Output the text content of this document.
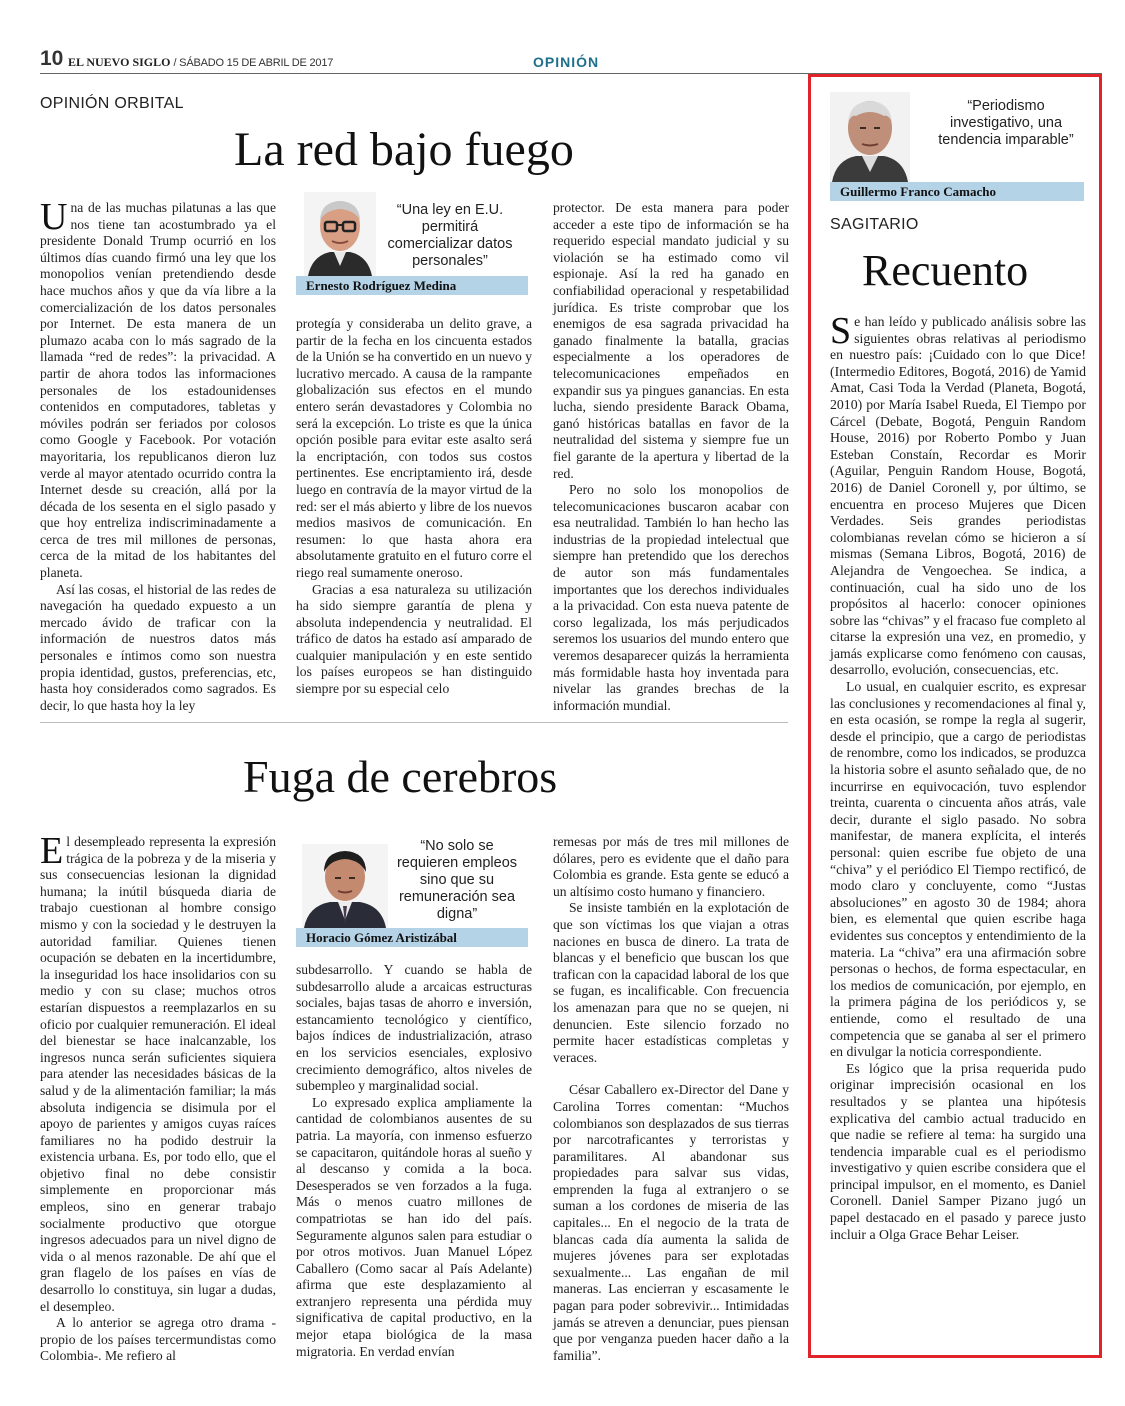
10 EL NUEVO SIGLO / SÁBADO 15 DE ABRIL DE 2017	OPINIÓN
OPINIÓN ORBITAL
La red bajo fuego

Una de las muchas pilatunas a las que nos tiene tan acostumbrado ya el presidente Donald Trump ocurrió en los últimos días cuando firmó una ley que los monopolios venían pretendiendo desde hace muchos años y que da vía libre a la comercialización de los datos personales por Internet. De esta manera de un plumazo acaba con lo más sagrado de la llamada “red de redes”: la privacidad. A partir de ahora todos las informaciones personales de los estadounidenses contenidos en computadores, tabletas y móviles podrán ser feriados por colosos como Google y Facebook. Por votación mayoritaria, los republicanos dieron luz verde al mayor atentado ocurrido contra la Internet desde su creación, allá por la década de los sesenta en el siglo pasado y que hoy entreliza indiscriminadamente a cerca de tres mil millones de personas, cerca de la mitad de los habitantes del planeta.

Así las cosas, el historial de las redes de navegación ha quedado expuesto a un mercado ávido de traficar con la información de nuestros datos más personales e íntimos como son nuestra propia identidad, gustos, preferencias, etc, hasta hoy considerados como sagrados. Es decir, lo que hasta hoy la ley

“Una ley en E.U. permitirá comercializar datos personales”
Ernesto Rodríguez Medina

protegía y consideraba un delito grave, a partir de la fecha en los cincuenta estados de la Unión se ha convertido en un nuevo y lucrativo mercado. A causa de la rampante globalización sus efectos en el mundo entero serán devastadores y Colombia no será la excepción. Lo triste es que la única opción posible para evitar este asalto será la encriptación, con todos sus costos pertinentes. Ese encriptamiento irá, desde luego en contravía de la mayor virtud de la red: ser el más abierto y libre de los nuevos medios masivos de comunicación. En resumen: lo que hasta ahora era absolutamente gratuito en el futuro corre el riego real sumamente oneroso.

Gracias a esa naturaleza su utilización ha sido siempre garantía de plena y absoluta independencia y neutralidad. El tráfico de datos ha estado así amparado de cualquier manipulación y en este sentido los países europeos se han distinguido siempre por su especial celo

protector. De esta manera para poder acceder a este tipo de información se ha requerido especial mandato judicial y su violación se ha estimado como vil espionaje. Así la red ha ganado en confiabilidad operacional y respetabilidad jurídica. Es triste comprobar que los enemigos de esa sagrada privacidad ha ganado finalmente la batalla, gracias especialmente a los operadores de telecomunicaciones empeñados en expandir sus ya pingues ganancias. En esta lucha, siendo presidente Barack Obama, ganó históricas batallas en favor de la neutralidad del sistema y siempre fue un fiel garante de la apertura y libertad de la red.

Pero no solo los monopolios de telecomunicaciones buscaron acabar con esa neutralidad. También lo han hecho las industrias de la propiedad intelectual que siempre han pretendido que los derechos de autor son más fundamentales importantes que los derechos individuales a la privacidad. Con esta nueva patente de corso legalizada, los más perjudicados seremos los usuarios del mundo entero que veremos desaparecer quizás la herramienta más formidable hasta hoy inventada para nivelar las grandes brechas de la información mundial.

Fuga de cerebros

El desempleado representa la expresión trágica de la pobreza y de la miseria y sus consecuencias lesionan la dignidad humana; la inútil búsqueda diaria de trabajo cuestionan al hombre consigo mismo y con la sociedad y le destruyen la autoridad familiar. Quienes tienen ocupación se debaten en la incertidumbre, la inseguridad los hace insolidarios con su medio y con su clase; muchos otros estarían dispuestos a reemplazarlos en su oficio por cualquier remuneración. El ideal del bienestar se hace inalcanzable, los ingresos nunca serán suficientes siquiera para atender las necesidades básicas de la salud y de la alimentación familiar; la más absoluta indigencia se disimula por el apoyo de parientes y amigos cuyas raíces familiares no ha podido destruir la existencia urbana. Es, por todo ello, que el objetivo final no debe consistir simplemente en proporcionar más empleos, sino en generar trabajo socialmente productivo que otorgue ingresos adecuados para un nivel digno de vida o al menos razonable. De ahí que el gran flagelo de los países en vías de desarrollo lo constituya, sin lugar a dudas, el desempleo.

A lo anterior se agrega otro drama -propio de los países tercermundistas como Colombia-. Me refiero al

“No solo se requieren empleos sino que su remuneración sea digna”
Horacio Gómez Aristizábal

subdesarrollo. Y cuando se habla de subdesarrollo alude a arcaicas estructuras sociales, bajas tasas de ahorro e inversión, estancamiento tecnológico y científico, bajos índices de industrialización, atraso en los servicios esenciales, explosivo crecimiento demográfico, altos niveles de subempleo y marginalidad social.

Lo expresado explica ampliamente la cantidad de colombianos ausentes de su patria. La mayoría, con inmenso esfuerzo se capacitaron, quitándole horas al sueño y al descanso y comida a la boca. Desesperados se ven forzados a la fuga. Más o menos cuatro millones de compatriotas se han ido del país. Seguramente algunos salen para estudiar o por otros motivos. Juan Manuel López Caballero (Como sacar al País Adelante) afirma que este desplazamiento al extranjero representa una pérdida muy significativa de capital productivo, en la mejor etapa biológica de la masa migratoria. En verdad envían

remesas por más de tres mil millones de dólares, pero es evidente que el daño para Colombia es grande. Esta gente se educó a un altísimo costo humano y financiero.

Se insiste también en la explotación de que son víctimas los que viajan a otras naciones en busca de dinero. La trata de blancas y el beneficio que buscan los que trafican con la capacidad laboral de los que se fugan, es incalificable. Con frecuencia los amenazan para que no se quejen, ni denuncien. Este silencio forzado no permite hacer estadísticas completas y veraces.

César Caballero ex-Director del Dane y Carolina Torres comentan: “Muchos colombianos son desplazados de sus tierras por narcotraficantes y terroristas y paramilitares. Al abandonar sus propiedades para salvar sus vidas, emprenden la fuga al extranjero o se suman a los cordones de miseria de las capitales... En el negocio de la trata de blancas cada día aumenta la salida de mujeres jóvenes para ser explotadas sexualmente... Las engañan de mil maneras. Las encierran y escasamente le pagan para poder sobrevivir... Intimidadas jamás se atreven a denunciar, pues piensan que por venganza pueden hacer daño a la familia”.

“Periodismo investigativo, una tendencia imparable”
Guillermo Franco Camacho
SAGITARIO
Recuento

Se han leído y publicado análisis sobre las siguientes obras relativas al periodismo en nuestro país: ¡Cuidado con lo que Dice! (Intermedio Editores, Bogotá, 2016) de Yamid Amat, Casi Toda la Verdad (Planeta, Bogotá, 2010) por María Isabel Rueda, El Tiempo por Cárcel (Debate, Bogotá, Penguin Random House, 2016) por Roberto Pombo y Juan Esteban Constaín, Recordar es Morir (Aguilar, Penguin Random House, Bogotá, 2016) de Daniel Coronell y, por último, se encuentra en proceso Mujeres que Dicen Verdades. Seis grandes periodistas colombianas revelan cómo se hicieron a sí mismas (Semana Libros, Bogotá, 2016) de Alejandra de Vengoechea. Se indica, a continuación, cual ha sido uno de los propósitos al hacerlo: conocer opiniones sobre las “chivas” y el fracaso fue completo al citarse la expresión una vez, en promedio, y jamás explicarse como fenómeno con causas, desarrollo, evolución, consecuencias, etc.

Lo usual, en cualquier escrito, es expresar las conclusiones y recomendaciones al final y, en esta ocasión, se rompe la regla al sugerir, desde el principio, que a cargo de periodistas de renombre, como los indicados, se produzca la historia sobre el asunto señalado que, de no incurrirse en equivocación, tuvo esplendor treinta, cuarenta o cincuenta años atrás, vale decir, durante el siglo pasado. No sobra manifestar, de manera explícita, el interés personal: quien escribe fue objeto de una “chiva” y el periódico El Tiempo rectificó, de modo claro y concluyente, como “Justas absoluciones” en agosto 30 de 1984; ahora bien, es elemental que quien escribe haga evidentes sus conceptos y entendimiento de la materia. La “chiva” era una afirmación sobre personas o hechos, de forma espectacular, en los medios de comunicación, por ejemplo, en la primera página de los periódicos y, se entiende, como el resultado de una competencia que se ganaba al ser el primero en divulgar la noticia correspondiente.

Es lógico que la prisa requerida pudo originar imprecisión ocasional en los resultados y se plantea una hipótesis explicativa del cambio actual traducido en que nadie se refiere al tema: ha surgido una tendencia imparable cual es el periodismo investigativo y quien escribe considera que el principal impulsor, en el momento, es Daniel Coronell. Daniel Samper Pizano jugó un papel destacado en el pasado y parece justo incluir a Olga Grace Behar Leiser.
